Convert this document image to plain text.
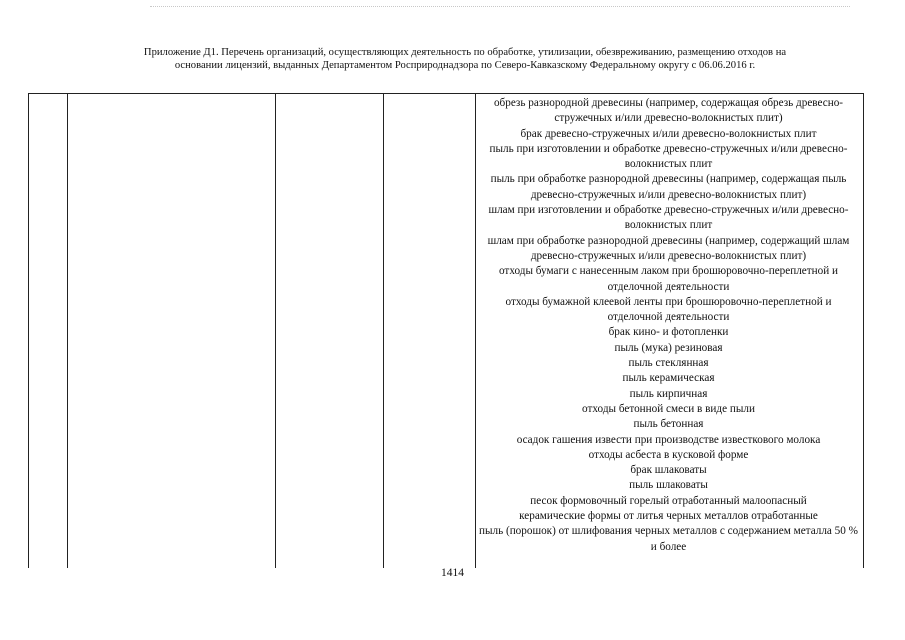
Приложение Д1. Перечень организаций, осуществляющих деятельность по обработке, утилизации, обезвреживанию, размещению отходов на
основании лицензий, выданных Департаментом Росприроднадзора по Северо-Кавказскому Федеральному округу с 06.06.2016 г.
обрезь разнородной древесины (например, содержащая обрезь древесно-стружечных и/или древесно-волокнистых плит)
брак древесно-стружечных и/или древесно-волокнистых плит
пыль при изготовлении и обработке древесно-стружечных и/или древесно-волокнистых плит
пыль при обработке разнородной древесины (например, содержащая пыль древесно-стружечных и/или древесно-волокнистых плит)
шлам при изготовлении и обработке древесно-стружечных и/или древесно-волокнистых плит
шлам при обработке разнородной древесины (например, содержащий шлам древесно-стружечных и/или древесно-волокнистых плит)
отходы бумаги с нанесенным лаком при брошюровочно-переплетной и отделочной деятельности
отходы бумажной клеевой ленты при брошюровочно-переплетной и отделочной деятельности
брак кино- и фотопленки
пыль (мука) резиновая
пыль стеклянная
пыль керамическая
пыль кирпичная
отходы бетонной смеси в виде пыли
пыль бетонная
осадок гашения извести при производстве известкового молока
отходы асбеста в кусковой форме
брак шлаковаты
пыль шлаковаты
песок формовочный горелый отработанный малоопасный
керамические формы от литья черных металлов отработанные
пыль (порошок) от шлифования черных металлов с содержанием металла 50 % и более
1414
